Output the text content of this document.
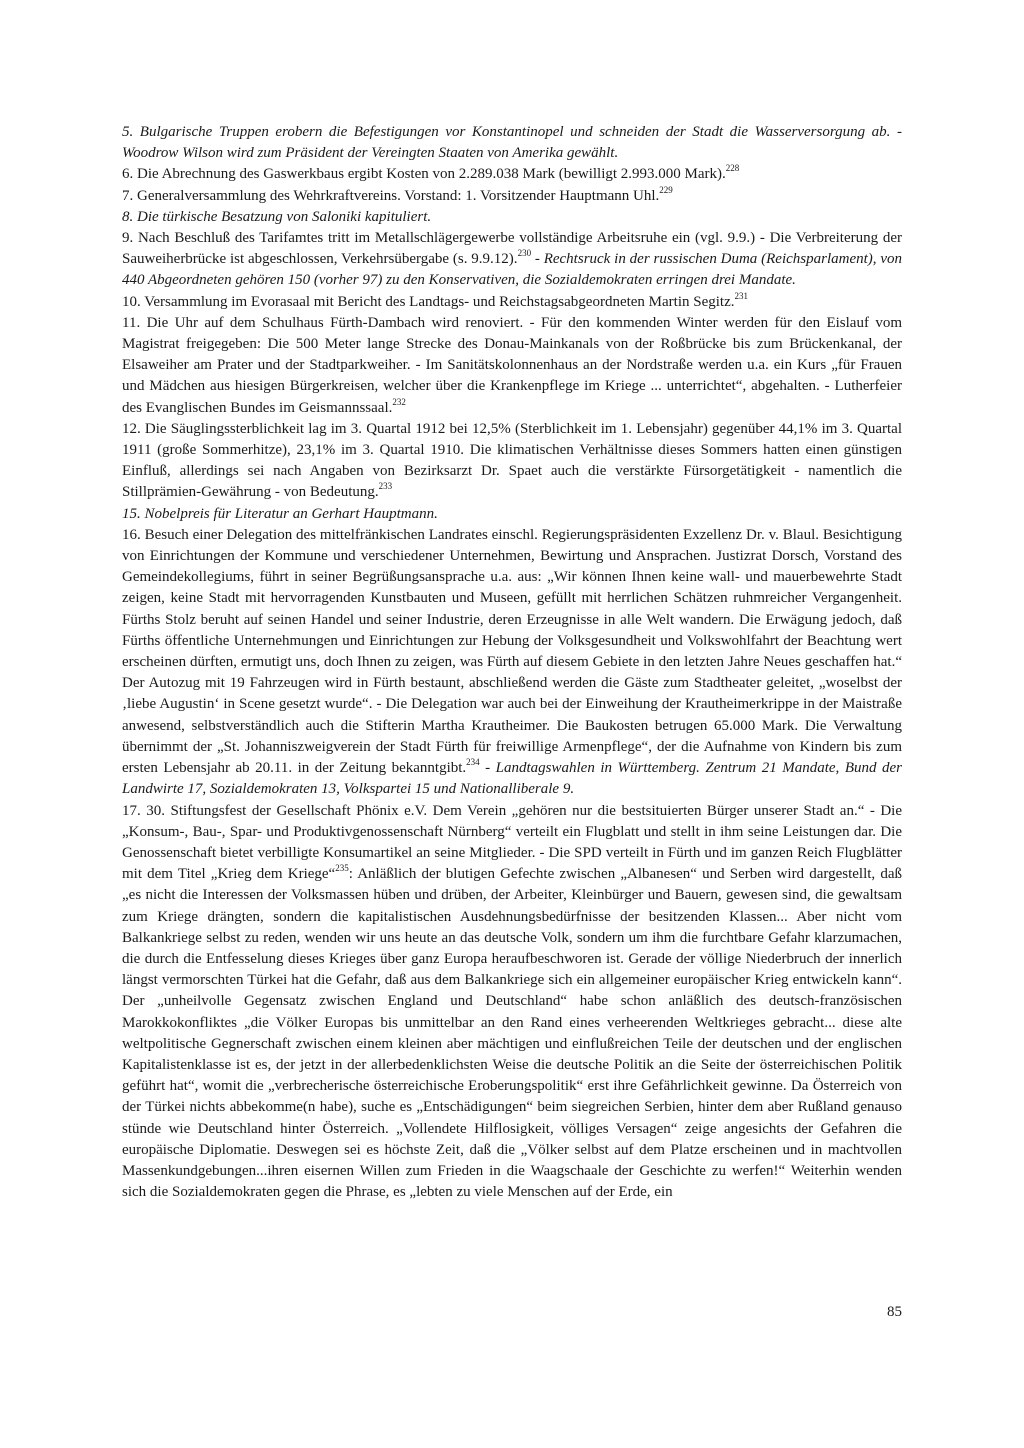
5. Bulgarische Truppen erobern die Befestigungen vor Konstantinopel und schneiden der Stadt die Wasserversorgung ab. - Woodrow Wilson wird zum Präsident der Vereingten Staaten von Amerika gewählt.

6. Die Abrechnung des Gaswerkbaus ergibt Kosten von 2.289.038 Mark (bewilligt 2.993.000 Mark).$^{228}$

7. Generalversammlung des Wehrkraftvereins. Vorstand: 1. Vorsitzender Hauptmann Uhl.$^{229}$

8. Die türkische Besatzung von Saloniki kapituliert.

9. Nach Beschluß des Tarifamtes tritt im Metallschlägergewerbe vollständige Arbeitsruhe ein (vgl. 9.9.) - Die Verbreiterung der Sauweiherbrücke ist abgeschlossen, Verkehrsübergabe (s. 9.9.12).$^{230}$ - Rechtsruck in der russischen Duma (Reichsparlament), von 440 Abgeordneten gehören 150 (vorher 97) zu den Konservativen, die Sozialdemokraten erringen drei Mandate.

10. Versammlung im Evorasaal mit Bericht des Landtags- und Reichstagsabgeordneten Martin Segitz.$^{231}$

11. Die Uhr auf dem Schulhaus Fürth-Dambach wird renoviert. - Für den kommenden Winter werden für den Eislauf vom Magistrat freigegeben: Die 500 Meter lange Strecke des Donau-Mainkanals von der Roßbrücke bis zum Brückenkanal, der Elsaweiher am Prater und der Stadtparkweiher. - Im Sanitätskolonnenhaus an der Nordstraße werden u.a. ein Kurs „für Frauen und Mädchen aus hiesigen Bürgerkreisen, welcher über die Krankenpflege im Kriege ... unterrichtet“, abgehalten. - Lutherfeier des Evanglischen Bundes im Geismannssaal.$^{232}$

12. Die Säuglingssterblichkeit lag im 3. Quartal 1912 bei 12,5% (Sterblichkeit im 1. Lebensjahr) gegenüber 44,1% im 3. Quartal 1911 (große Sommerhitze), 23,1% im 3. Quartal 1910. Die klimatischen Verhältnisse dieses Sommers hatten einen günstigen Einfluß, allerdings sei nach Angaben von Bezirksarzt Dr. Spaet auch die verstärkte Fürsorgetätigkeit - namentlich die Stillprämien-Gewährung - von Bedeutung.$^{233}$

15. Nobelpreis für Literatur an Gerhart Hauptmann.

16. Besuch einer Delegation des mittelfränkischen Landrates einschl. Regierungspräsidenten Exzellenz Dr. v. Blaul. Besichtigung von Einrichtungen der Kommune und verschiedener Unternehmen, Bewirtung und Ansprachen. Justizrat Dorsch, Vorstand des Gemeindekollegiums, führt in seiner Begrüßungsansprache u.a. aus: „Wir können Ihnen keine wall- und mauerbewehrte Stadt zeigen, keine Stadt mit hervorragenden Kunstbauten und Museen, gefüllt mit herrlichen Schätzen ruhmreicher Vergangenheit. Fürths Stolz beruht auf seinen Handel und seiner Industrie, deren Erzeugnisse in alle Welt wandern. Die Erwägung jedoch, daß Fürths öffentliche Unternehmungen und Einrichtungen zur Hebung der Volksgesundheit und Volkswohlfahrt der Beachtung wert erscheinen dürften, ermutigt uns, doch Ihnen zu zeigen, was Fürth auf diesem Gebiete in den letzten Jahre Neues geschaffen hat.“ Der Autozug mit 19 Fahrzeugen wird in Fürth bestaunt, abschließend werden die Gäste zum Stadtheater geleitet, „woselbst der ‚liebe Augustin‘ in Scene gesetzt wurde“. - Die Delegation war auch bei der Einweihung der Krautheimerkrippe in der Maistraße anwesend, selbstverständlich auch die Stifterin Martha Krautheimer. Die Baukosten betrugen 65.000 Mark. Die Verwaltung übernimmt der „St. Johanniszweigverein der Stadt Fürth für freiwillige Armenpflege“, der die Aufnahme von Kindern bis zum ersten Lebensjahr ab 20.11. in der Zeitung bekanntgibt.$^{234}$ - Landtagswahlen in Württemberg. Zentrum 21 Mandate, Bund der Landwirte 17, Sozialdemokraten 13, Volkspartei 15 und Nationalliberale 9.

17. 30. Stiftungsfest der Gesellschaft Phönix e.V. Dem Verein „gehören nur die bestsituierten Bürger unserer Stadt an.“ - Die „Konsum-, Bau-, Spar- und Produktivgenossenschaft Nürnberg“ verteilt ein Flugblatt und stellt in ihm seine Leistungen dar. Die Genossenschaft bietet verbilligte Konsumartikel an seine Mitglieder. - Die SPD verteilt in Fürth und im ganzen Reich Flugblätter mit dem Titel „Krieg dem Kriege“$^{235}$: Anläßlich der blutigen Gefechte zwischen „Albanesen“ und Serben wird dargestellt, daß „es nicht die Interessen der Volksmassen hüben und drüben, der Arbeiter, Kleinbürger und Bauern, gewesen sind, die gewaltsam zum Kriege drängten, sondern die kapitalistischen Ausdehnungsbedürfnisse der besitzenden Klassen... Aber nicht vom Balkankriege selbst zu reden, wenden wir uns heute an das deutsche Volk, sondern um ihm die furchtbare Gefahr klarzumachen, die durch die Entfesselung dieses Krieges über ganz Europa heraufbeschworen ist. Gerade der völlige Niederbruch der innerlich längst vermorschten Türkei hat die Gefahr, daß aus dem Balkankriege sich ein allgemeiner europäischer Krieg entwickeln kann“. Der „unheilvolle Gegensatz zwischen England und Deutschland“ habe schon anläßlich des deutsch-französischen Marokkokonfliktes „die Völker Europas bis unmittelbar an den Rand eines verheerenden Weltkrieges gebracht... diese alte weltpolitische Gegnerschaft zwischen einem kleinen aber mächtigen und einflußreichen Teile der deutschen und der englischen Kapitalistenklasse ist es, der jetzt in der allerbedenklichsten Weise die deutsche Politik an die Seite der österreichischen Politik geführt hat“, womit die „verbrecherische österreichische Eroberungspolitik“ erst ihre Gefährlichkeit gewinne. Da Österreich von der Türkei nichts abbekomme(n habe), suche es „Entschädigungen“ beim siegreichen Serbien, hinter dem aber Rußland genauso stünde wie Deutschland hinter Österreich. „Vollendete Hilflosigkeit, völliges Versagen“ zeige angesichts der Gefahren die europäische Diplomatie. Deswegen sei es höchste Zeit, daß die „Völker selbst auf dem Platze erscheinen und in machtvollen Massenkundgebungen...ihren eisernen Willen zum Frieden in die Waagschaale der Geschichte zu werfen!“ Weiterhin wenden sich die Sozialdemokraten gegen die Phrase, es „lebten zu viele Menschen auf der Erde, ein

85
